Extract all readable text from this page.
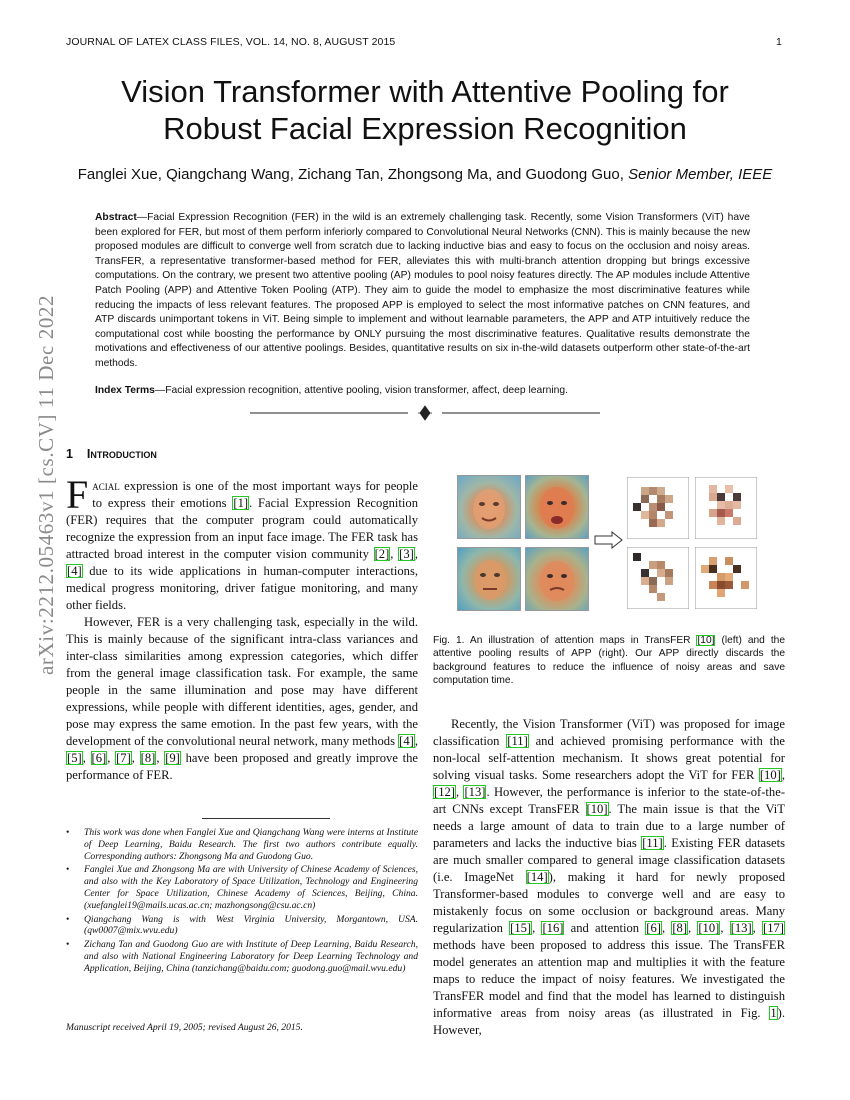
JOURNAL OF LATEX CLASS FILES, VOL. 14, NO. 8, AUGUST 2015	1
arXiv:2212.05463v1 [cs.CV] 11 Dec 2022
Vision Transformer with Attentive Pooling for
Robust Facial Expression Recognition
Fanglei Xue, Qiangchang Wang, Zichang Tan, Zhongsong Ma, and Guodong Guo, Senior Member, IEEE
Abstract—Facial Expression Recognition (FER) in the wild is an extremely challenging task. Recently, some Vision Transformers (ViT) have been explored for FER, but most of them perform inferiorly compared to Convolutional Neural Networks (CNN). This is mainly because the new proposed modules are difficult to converge well from scratch due to lacking inductive bias and easy to focus on the occlusion and noisy areas. TransFER, a representative transformer-based method for FER, alleviates this with multi-branch attention dropping but brings excessive computations. On the contrary, we present two attentive pooling (AP) modules to pool noisy features directly. The AP modules include Attentive Patch Pooling (APP) and Attentive Token Pooling (ATP). They aim to guide the model to emphasize the most discriminative features while reducing the impacts of less relevant features. The proposed APP is employed to select the most informative patches on CNN features, and ATP discards unimportant tokens in ViT. Being simple to implement and without learnable parameters, the APP and ATP intuitively reduce the computational cost while boosting the performance by ONLY pursuing the most discriminative features. Qualitative results demonstrate the motivations and effectiveness of our attentive poolings. Besides, quantitative results on six in-the-wild datasets outperform other state-of-the-art methods.
Index Terms—Facial expression recognition, attentive pooling, vision transformer, affect, deep learning.
1 Introduction

Facial expression is one of the most important ways for people to express their emotions [1]. Facial Expression Recognition (FER) requires that the computer program could automatically recognize the expression from an input face image. The FER task has attracted broad interest in the computer vision community [2], [3], [4] due to its wide applications in human-computer interactions, medical progress monitoring, driver fatigue monitoring, and many other fields.

However, FER is a very challenging task, especially in the wild. This is mainly because of the significant intra-class variances and inter-class similarities among expression categories, which differ from the general image classification task. For example, the same people in the same illumination and pose may have different expressions, while people with different identities, ages, gender, and pose may express the same emotion. In the past few years, with the development of the convolutional neural network, many methods [4], [5], [6], [7], [8], [9] have been proposed and greatly improve the performance of FER.

• This work was done when Fanglei Xue and Qiangchang Wang were interns at Institute of Deep Learning, Baidu Research. The first two authors contribute equally. Corresponding authors: Zhongsong Ma and Guodong Guo.
• Fanglei Xue and Zhongsong Ma are with University of Chinese Academy of Sciences, and also with the Key Laboratory of Space Utilization, Technology and Engineering Center for Space Utilization, Chinese Academy of Sciences, Beijing, China. (xuefanglei19@mails.ucas.ac.cn; mazhongsong@csu.ac.cn)
• Qiangchang Wang is with West Virginia University, Morgantown, USA. (qw0007@mix.wvu.edu)
• Zichang Tan and Guodong Guo are with Institute of Deep Learning, Baidu Research, and also with National Engineering Laboratory for Deep Learning Technology and Application, Beijing, China (tanzichang@baidu.com; guodong.guo@mail.wvu.edu)
Manuscript received April 19, 2005; revised August 26, 2015.
Fig. 1. An illustration of attention maps in TransFER [10] (left) and the attentive pooling results of APP (right). Our APP directly discards the background features to reduce the influence of noisy areas and save computation time.

Recently, the Vision Transformer (ViT) was proposed for image classification [11] and achieved promising performance with the non-local self-attention mechanism. It shows great potential for solving visual tasks. Some researchers adopt the ViT for FER [10], [12], [13]. However, the performance is inferior to the state-of-the-art CNNs except TransFER [10]. The main issue is that the ViT needs a large amount of data to train due to a large number of parameters and lacks the inductive bias [11]. Existing FER datasets are much smaller compared to general image classification datasets (i.e. ImageNet [14]), making it hard for newly proposed Transformer-based modules to converge well and are easy to mistakenly focus on some occlusion or background areas. Many regularization [15], [16] and attention [6], [8], [10], [13], [17] methods have been proposed to address this issue. The TransFER model generates an attention map and multiplies it with the feature maps to reduce the impact of noisy features. We investigated the TransFER model and find that the model has learned to distinguish informative areas from noisy areas (as illustrated in Fig. 1). However,
